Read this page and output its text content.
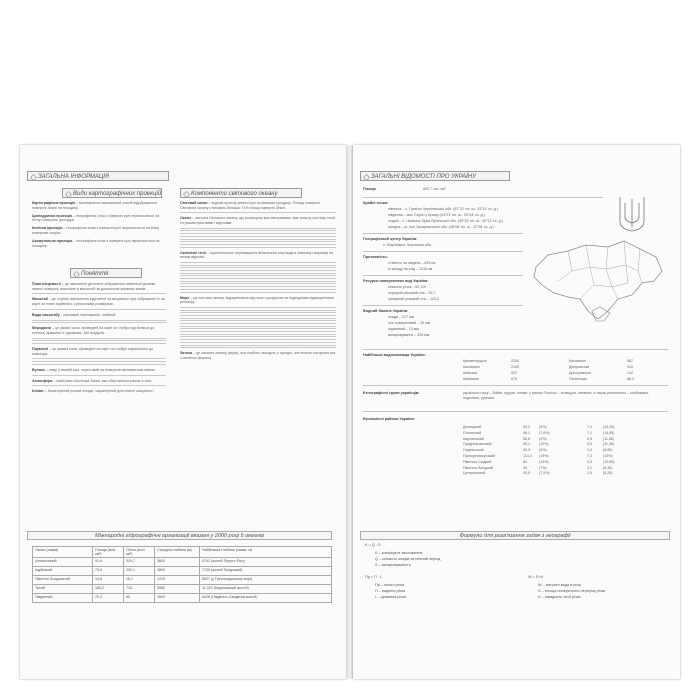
ЗАГАЛЬНА ІНФОРМАЦІЯ
Види картографічних проекцій
Картографічна проекція – математично визначений спосіб відображення поверхні Землі на площину.
Циліндрична проекція – географічна сітка з поверхні кулі переноситься на бічну поверхню циліндра.
Конічна проекція – географічна сітка з поверхні кулі переноситься на бічну поверхню конуса.
Азимутальна проекція – географічна сітка з поверхні кулі переноситься на площину.
Поняття
План місцевості – це зменшене детальне зображення невеликої ділянки земної поверхні, виконане в масштабі за допомогою умовних знаків.
Масштаб – це ступінь зменшення відстаней на місцевості при зображенні їх на карті чи плані порівняно з реальними розмірами.
Види масштабу : числовий, іменований, лінійний.
Меридіани – це умовні кола, проведені на карті чи глобусі від полюса до полюса; довжина їх однакова, 180 градусів.
Паралелі – це умовні кола, проведені на карті чи глобусі паралельно до екватора.
Вулкан – отвір у земній корі, через який на поверхню виливається магма.
Атмосфера – повітряна оболонка Землі, яка обертається разом із нею.
Клімат – багаторічний режим погоди, характерний для певної місцевості.
Компоненти світового океану
Світовий океан – водний простір земної кулі за межами суходолу. Площа поверхні Світового океану становить близько 71% площі поверхні Землі.
Океан – частина Світового океану, що розміщена між материками, має власну систему течій та режим припливів і відпливів.
Океанічні течії – горизонтальне переміщення величезних мас води в певному напрямку на великі відстані.
Море – це частина океану, відокремлена від нього суходолом чи підводними підвищеннями рельєфу.
Затока – це частина океану (моря), яка глибоко заходить у суходіл, але вільно сполучається з океаном (морем).
Міжнародні гідрографічні організації вказані у 2000 році 5 океанів
Океан (назва)	Площа (млн км²)	Об'єм (млн км³)	Середня глибина (м)	Найбільша глибина (назва, м)
Атлантичний	91,6	329,7	3600	8742 (жолоб Пуерто-Ріко)
Індійський	73,6	292,1	3890	7725 (жолоб Зондський)
Північно Льодовитий	14,8	18,1	1225	5527 (у Гренландському морі)
Тихий	165,2	710	3980	11 022 (Маріанський жолоб)
Південний	20,3	60	3500	8428 (Південно-Сандвічів жолоб)
ЗАГАЛЬНІ ВІДОМОСТІ ПРО УКРАЇНУ
Площа	603,7 тис. км²
Крайні точки:
північна – с. Грем'яч Чернігівської обл. (52°22' пн. ш., 33°11' сх. д.)
південна – мис Сарич у Криму (44°23' пн. ш., 33°44' сх. д.)
східна – с. Червона Зірка Луганської обл. (49°15' пн. ш., 40°13' сх. д.)
західна – м. Чоп Закарпатської обл. (48°06' пн. ш., 22°08' сх. д.)
Географічний центр України:
с. Мар'янівка, Черкаська обл.
Протяжність:
з півночі на південь – 893 км
із заходу на схід – 1316 км
Ресурси поверхневих вод України:
кількість річок – 63 119
середній річковий стік – 54,7
сумарний річковий стік – 123,0
Водний баланс України:
опади – 377 мм
стік поверхневий – 39 мм
підземний – 13 мм
випаровування – 325 мм
Найбільші водосховища України:
Кременчуцьке	2250	Каховське	567
Каховське	2155	Дніпровське	410
Київське	922	Дністровське	142
Канівське	675	Печенізьке	86,2
Етнографічні групи українців:	українські горці – бойки, гуцули, лемки; у межах Полісся – поліщуки, литвини; а також регіональні – слобожани, подоляни, руснаки
Економічні райони України:
Донецький	53,2	(9%)	7,4	(15,25)
Столичний	46,1	(7,6%)	7,1	(14,65)
Карпатський	56,6	(9%)	6,5	(11,86)
Придніпровський	59,1	(10%)	5,5	(11,36)
Подільський	40,9	(6%)	4,3	(8,85)
Причорноморський	113,4 (19%)	7,3	(15%)
Північно-Східний	84	(14%)	4,9	(10,85)
Північно-Західний	44	(7%)	3,1	(8,45)
Центральний	45,5	(7,5%)	2,5	(5,25)
Формули для розв'язання задач з географії
K = Q : S
K – коефіцієнт зволоження
Q – кількість опадів за певний період
S – випаровуваність
Пр = П : L
Пр – похил річки
П – падіння річки
L – довжина річки
W = S×V
W – витрати води в річці
S – площа поперечного перерізу річки
V – швидкість течії річки
